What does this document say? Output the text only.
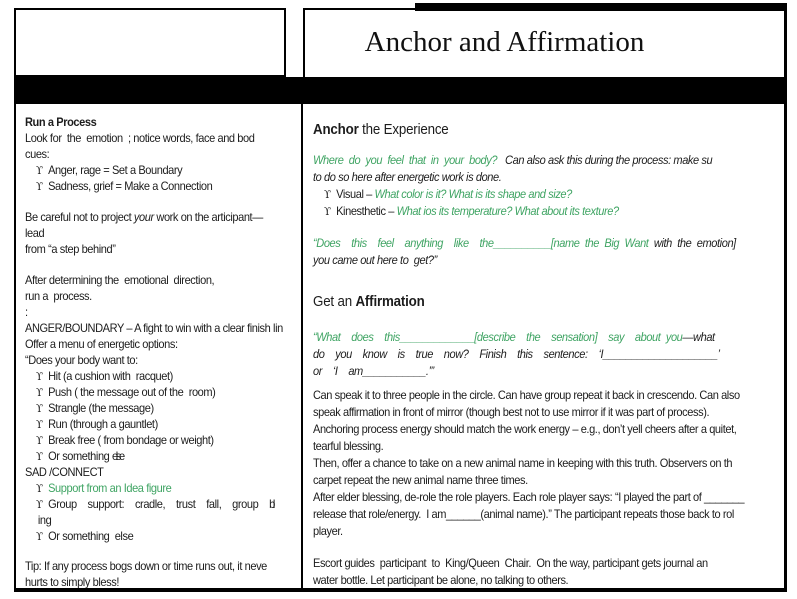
Anchor and Affirmation

Step   5
	Step   6

Run a Process
Look for  the  emotion  ; notice words, face and bod
cues:
ϒ Anger, rage = Set a Boundary
ϒ Sadness, grief = Make a Connection
Be careful not to project your work on the articipant—
lead
from “a step behind”
After determining the  emotional  direction,
run a  process.
:
ANGER/BOUNDARY – A fight to win with a clear finish lin
Offer a menu of energetic options:
“Does your body want to:
ϒ Hit (a cushion with  racquet)
ϒ Push ( the message out of the  room)
ϒ Strangle (the message)
ϒ Run (through a gauntlet)
ϒ Break free ( from bondage or weight)
ϒ Or something else
SAD /CONNECT
ϒ Support from an Idea figure
ϒ Group  support:  cradle,  trust  fall,  group  bl
ing
ϒ Or something  else
Tip: If any process bogs down or time runs out, it neve
hurts to simply bless!
Anchor the Experience
Where  do  you  feel  that  in  your  body?   Can also ask this during the process: make su
to do so here after energetic work is done.
ϒ Visual – What color is it? What is its shape and size?
ϒ Kinesthetic – What ios its temperature? What about its texture?
“Does  this  feel  anything  like  the__________[name the Big Want with the emotion]
you came out here to  get?”
Get an Affirmation
“What  does  this_____________[describe  the  sensation]  say  about you—what
do  you  know  is  true  now?  Finish  this  sentence:  ‘I____________________’
or  ‘I  am___________.’”
Can speak it to three people in the circle. Can have group repeat it back in crescendo. Can also
speak affirmation in front of mirror (though best not to use mirror if it was part of process).
Anchoring process energy should match the work energy – e.g., don’t yell cheers after a quitet,
tearful blessing.
Then, offer a chance to take on a new animal name in keeping with this truth. Observers on th
carpet repeat the new animal name three times.
After elder blessing, de-role the role players. Each role player says: “I played the part of _______
release that role/energy.  I am______(animal name).” The participant repeats those back to rol
player.
Escort guides  participant  to  King/Queen  Chair.  On the way, participant gets journal an
water bottle. Let participant be alone, no talking to others.
